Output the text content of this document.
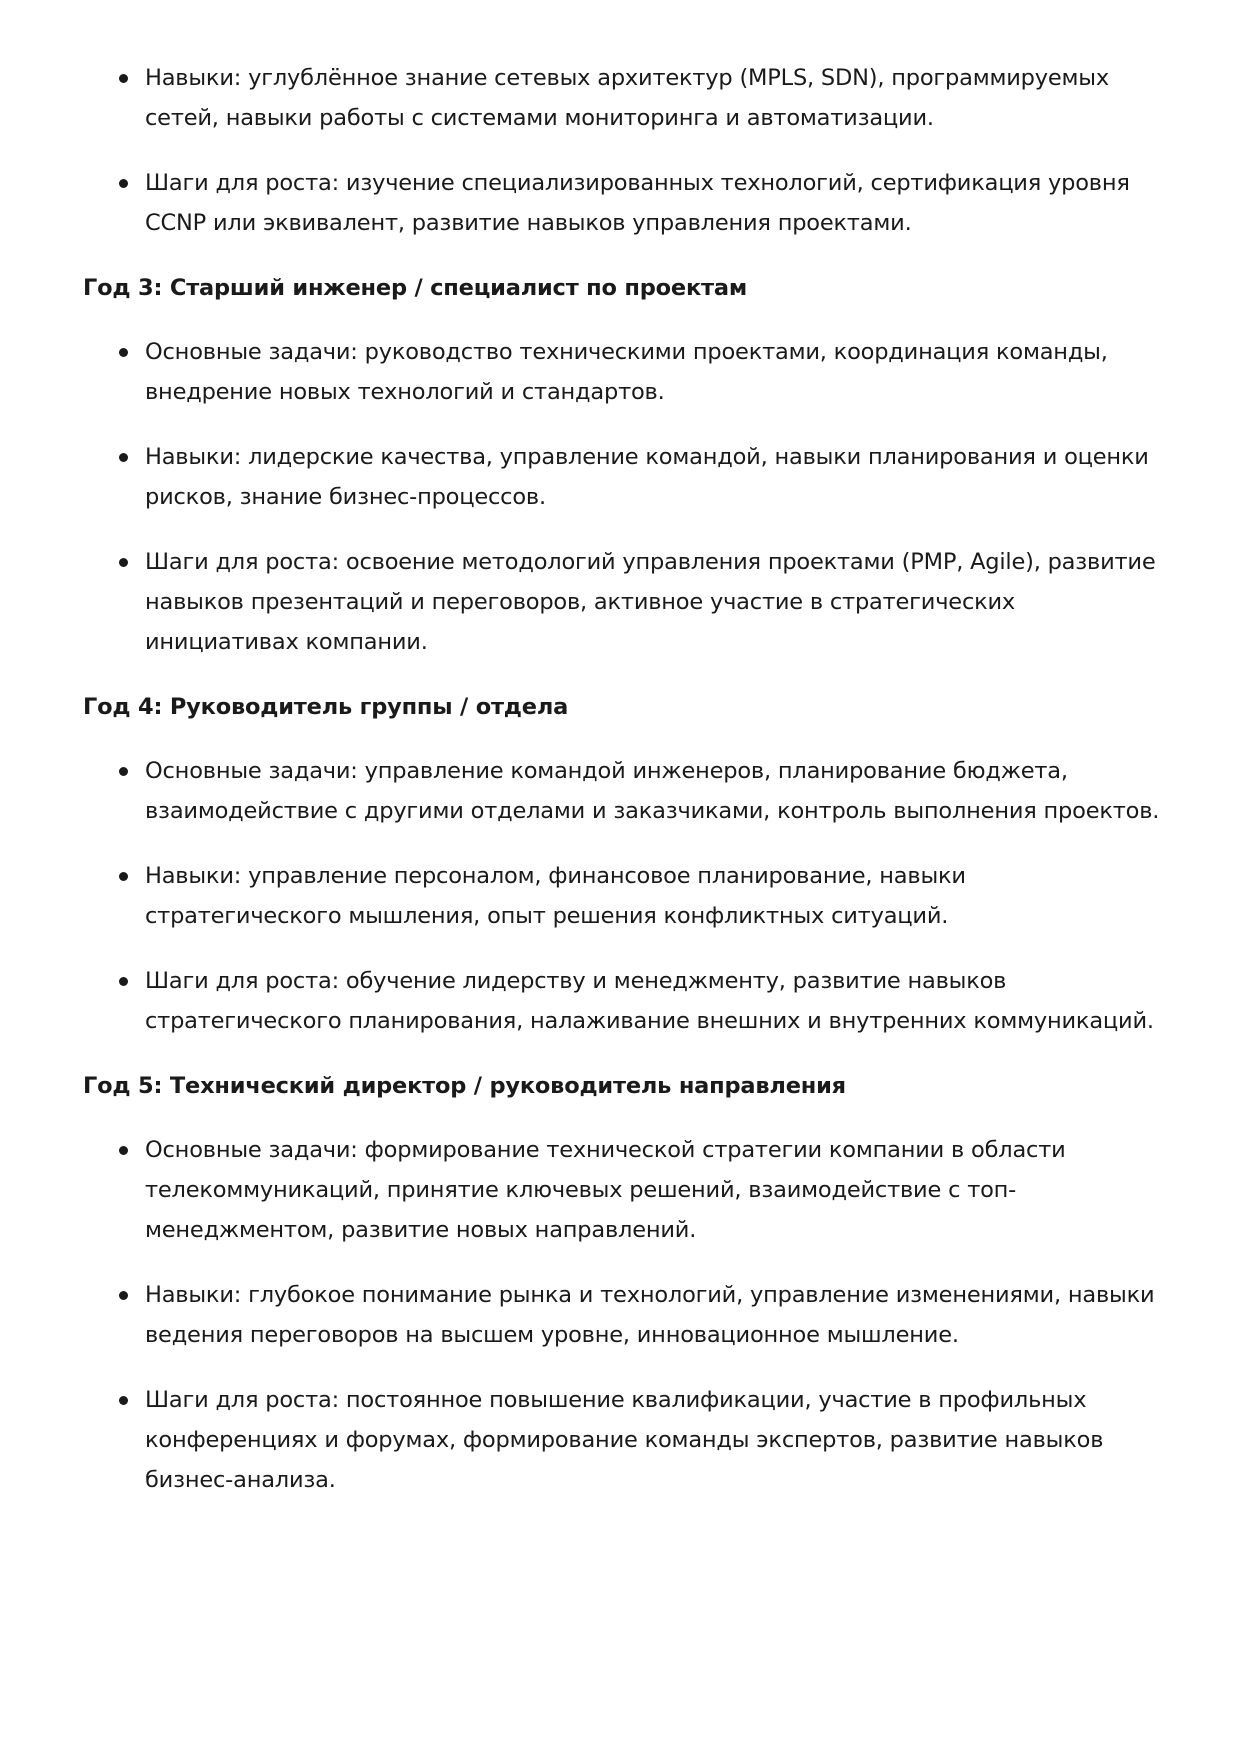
Навыки: углублённое знание сетевых архитектур (MPLS, SDN), программируемых сетей, навыки работы с системами мониторинга и автоматизации.
Шаги для роста: изучение специализированных технологий, сертификация уровня CCNP или эквивалент, развитие навыков управления проектами.
Год 3: Старший инженер / специалист по проектам
Основные задачи: руководство техническими проектами, координация команды, внедрение новых технологий и стандартов.
Навыки: лидерские качества, управление командой, навыки планирования и оценки рисков, знание бизнес-процессов.
Шаги для роста: освоение методологий управления проектами (PMP, Agile), развитие навыков презентаций и переговоров, активное участие в стратегических инициативах компании.
Год 4: Руководитель группы / отдела
Основные задачи: управление командой инженеров, планирование бюджета, взаимодействие с другими отделами и заказчиками, контроль выполнения проектов.
Навыки: управление персоналом, финансовое планирование, навыки стратегического мышления, опыт решения конфликтных ситуаций.
Шаги для роста: обучение лидерству и менеджменту, развитие навыков стратегического планирования, налаживание внешних и внутренних коммуникаций.
Год 5: Технический директор / руководитель направления
Основные задачи: формирование технической стратегии компании в области телекоммуникаций, принятие ключевых решений, взаимодействие с топ-менеджментом, развитие новых направлений.
Навыки: глубокое понимание рынка и технологий, управление изменениями, навыки ведения переговоров на высшем уровне, инновационное мышление.
Шаги для роста: постоянное повышение квалификации, участие в профильных конференциях и форумах, формирование команды экспертов, развитие навыков бизнес-анализа.
